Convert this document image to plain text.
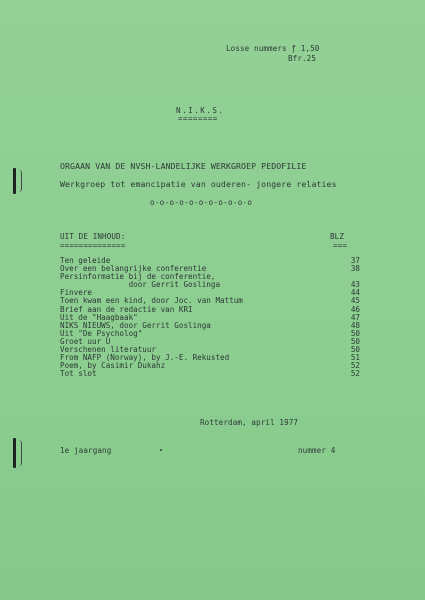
Losse nummers ƒ 1,50
Bfr.25
N.I.K.S.
========
ORGAAN VAN DE NVSH-LANDELIJKE WERKGROEP PEDOFILIE
Werkgroep tot emancipatie van ouderen- jongere relaties
o-o-o-o-o-o-o-o-o-o-o
UIT DE INHOUD:
==============
BLZ
===
Ten geleide	37
Over een belangrijke conferentie	38
Persinformatie bij de conferentie,
door Gerrit Goslinga	43
Finvere	44
Toen kwam een kind, door Joc. van Mattum	45
Brief aan de redactie van KRI	46
Uit de "Haagbaak"	47
NIKS NIEUWS, door Gerrit Goslinga	48
Uit "De Psycholog"	50
Groet uur U	50
Verschenen literatuur	50
From NAFP (Norway), by J.-E. Rekusted	51
Poem, by Casimir Dukahz	52
Tot slot	52
Rotterdam, april 1977
1e jaargang	nummer 4
